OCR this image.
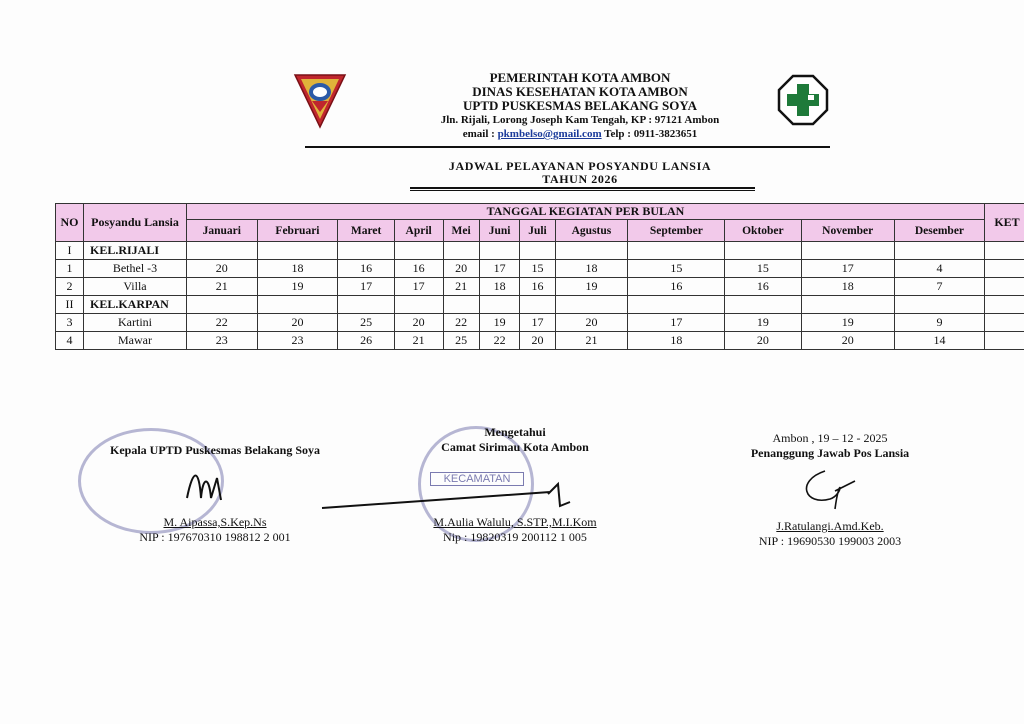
PEMERINTAH KOTA AMBON
DINAS KESEHATAN KOTA AMBON
UPTD PUSKESMAS BELAKANG SOYA
Jln. Rijali, Lorong Joseph Kam Tengah, KP : 97121 Ambon
email : pkmbelso@gmail.com Telp : 0911-3823651
JADWAL PELAYANAN POSYANDU LANSIA
TAHUN 2026
NO	Posyandu Lansia	TANGGAL KEGIATAN PER BULAN												KET
		Januari	Februari	Maret	April	Mei	Juni	Juli	Agustus	September	Oktober	November	Desember	
I	KEL.RIJALI													
1	Bethel -3	20	18	16	16	20	17	15	18	15	15	17	4	
2	Villa	21	19	17	17	21	18	16	19	16	16	18	7	
II	KEL.KARPAN													
3	Kartini	22	20	25	20	22	19	17	20	17	19	19	9	
4	Mawar	23	23	26	21	25	22	20	21	18	20	20	14	
Kepala UPTD Puskesmas Belakang Soya
M. Aipassa,S.Kep.Ns
NIP : 197670310 198812 2 001
KECAMATAN
Mengetahui
Camat Sirimau Kota Ambon
M.Aulia Walulu, S.STP.,M.I.Kom
Nip : 19820319 200112 1 005
Ambon , 19 – 12 - 2025
Penanggung Jawab Pos Lansia
J.Ratulangi.Amd.Keb.
NIP : 19690530 199003 2003
